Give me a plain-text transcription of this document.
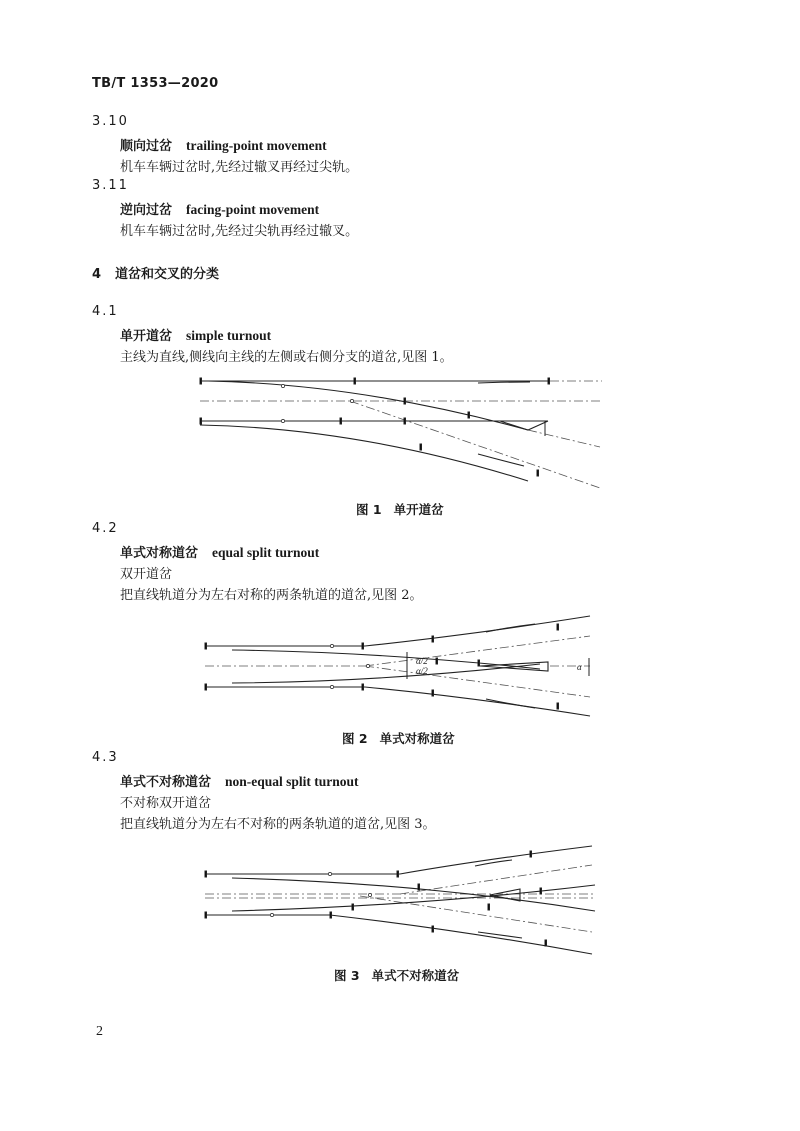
TB/T 1353—2020
3.10
顺向过岔 trailing-point movement
机车车辆过岔时,先经过辙叉再经过尖轨。
3.11
逆向过岔 facing-point movement
机车车辆过岔时,先经过尖轨再经过辙叉。
4 道岔和交叉的分类
4.1
单开道岔 simple turnout
主线为直线,侧线向主线的左侧或右侧分支的道岔,见图 1。
图 1 单开道岔
4.2
单式对称道岔 equal split turnout
双开道岔
把直线轨道分为左右对称的两条轨道的道岔,见图 2。
图 2 单式对称道岔
4.3
单式不对称道岔 non-equal split turnout
不对称双开道岔
把直线轨道分为左右不对称的两条轨道的道岔,见图 3。
图 3 单式不对称道岔
2
α/2
α/2	α
